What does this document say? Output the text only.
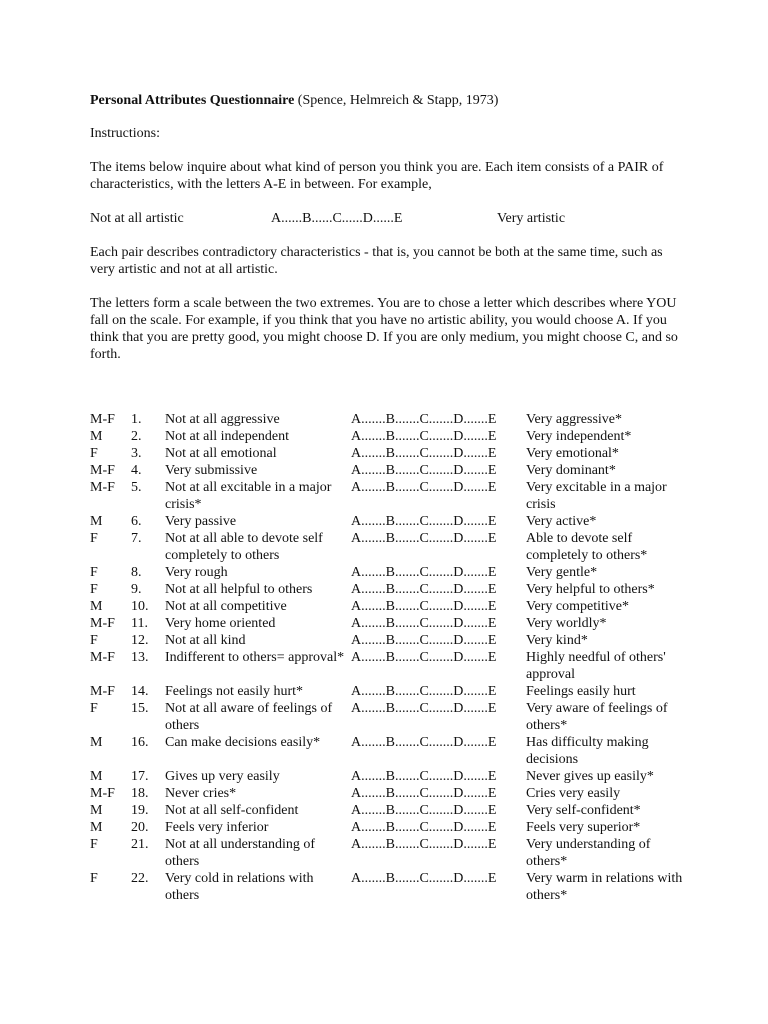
Personal Attributes Questionnaire (Spence, Helmreich & Stapp, 1973)

Instructions:

The items below inquire about what kind of person you think you are. Each item consists of a PAIR of characteristics, with the letters A-E in between. For example,

Not at all artistic	A......B......C......D......E	Very artistic

Each pair describes contradictory characteristics - that is, you cannot be both at the same time, such as very artistic and not at all artistic.

The letters form a scale between the two extremes. You are to chose a letter which describes where YOU fall on the scale. For example, if you think that you have no artistic ability, you would choose A. If you think that you are pretty good, you might choose D. If you are only medium, you might choose C, and so forth.

M-F	1.	Not at all aggressive	A.......B.......C.......D.......E	Very aggressive*
M	2.	Not at all independent	A.......B.......C.......D.......E	Very independent*
F	3.	Not at all emotional	A.......B.......C.......D.......E	Very emotional*
M-F	4.	Very submissive	A.......B.......C.......D.......E	Very dominant*
M-F	5.	Not at all excitable in a major crisis*
A.......B.......C.......D.......E	Very excitable in a major crisis
M	6.	Very passive	A.......B.......C.......D.......E	Very active*
F	7.	Not at all able to devote self completely to others
A.......B.......C.......D.......E	Able to devote self completely to others*
F	8.	Very rough	A.......B.......C.......D.......E	Very gentle*
F	9.	Not at all helpful to others	A.......B.......C.......D.......E	Very helpful to others*
M	10.	Not at all competitive	A.......B.......C.......D.......E	Very competitive*
M-F	11.	Very home oriented	A.......B.......C.......D.......E	Very worldly*
F	12.	Not at all kind	A.......B.......C.......D.......E	Very kind*
M-F	13.	Indifferent to others= approval* A.......B.......C.......D.......E	Highly needful of others' approval
M-F	14.	Feelings not easily hurt*	A.......B.......C.......D.......E	Feelings easily hurt
F	15.	Not at all aware of feelings of others
A.......B.......C.......D.......E	Very aware of feelings of others*
M	16.	Can make decisions easily*	A.......B.......C.......D.......E	Has difficulty making decisions
M	17.	Gives up very easily	A.......B.......C.......D.......E	Never gives up easily*
M-F	18.	Never cries*	A.......B.......C.......D.......E	Cries very easily
M	19.	Not at all self-confident	A.......B.......C.......D.......E	Very self-confident*
M	20.	Feels very inferior	A.......B.......C.......D.......E	Feels very superior*
F	21.	Not at all understanding of others
A.......B.......C.......D.......E	Very understanding of others*
F	22.	Very cold in relations with others
A.......B.......C.......D.......E	Very warm in relations with others*
